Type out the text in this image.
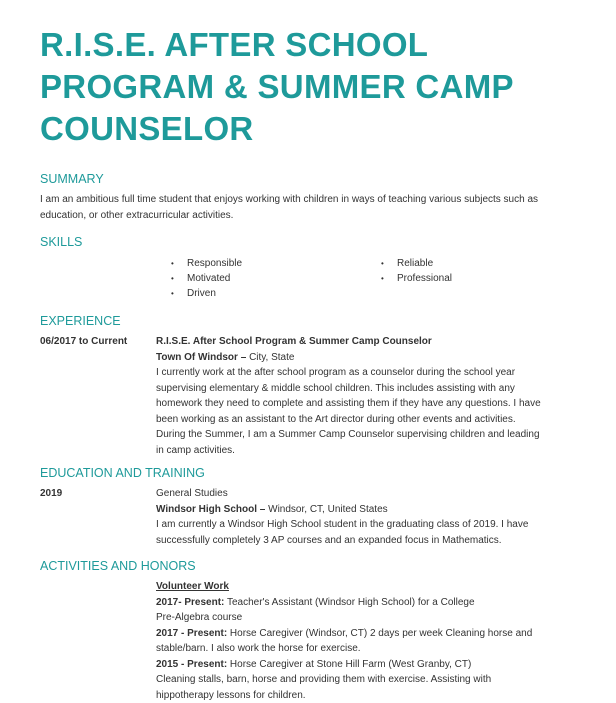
R.I.S.E. AFTER SCHOOL
PROGRAM & SUMMER CAMP
COUNSELOR
SUMMARY
I am an ambitious full time student that enjoys working with children in ways of teaching various subjects such as
education, or other extracurricular activities.
SKILLS
• Responsible
• Motivated
• Driven
• Reliable
• Professional
EXPERIENCE
06/2017 to Current	R.I.S.E. After School Program & Summer Camp Counselor
Town Of Windsor – City, State
I currently work at the after school program as a counselor during the school year
supervising elementary & middle school children. This includes assisting with any
homework they need to complete and assisting them if they have any questions. I have
been working as an assistant to the Art director during other events and activities.
During the Summer, I am a Summer Camp Counselor supervising children and leading
in camp activities.
EDUCATION AND TRAINING
2019	General Studies
Windsor High School – Windsor, CT, United States
I am currently a Windsor High School student in the graduating class of 2019. I have
successfully completely 3 AP courses and an expanded focus in Mathematics.
ACTIVITIES AND HONORS
Volunteer Work
2017- Present: Teacher's Assistant (Windsor High School) for a College
Pre-Algebra course
2017 - Present: Horse Caregiver (Windsor, CT) 2 days per week Cleaning horse and
stable/barn. I also work the horse for exercise.
2015 - Present: Horse Caregiver at Stone Hill Farm (West Granby, CT)
Cleaning stalls, barn, horse and providing them with exercise. Assisting with
hippotherapy lessons for children.
